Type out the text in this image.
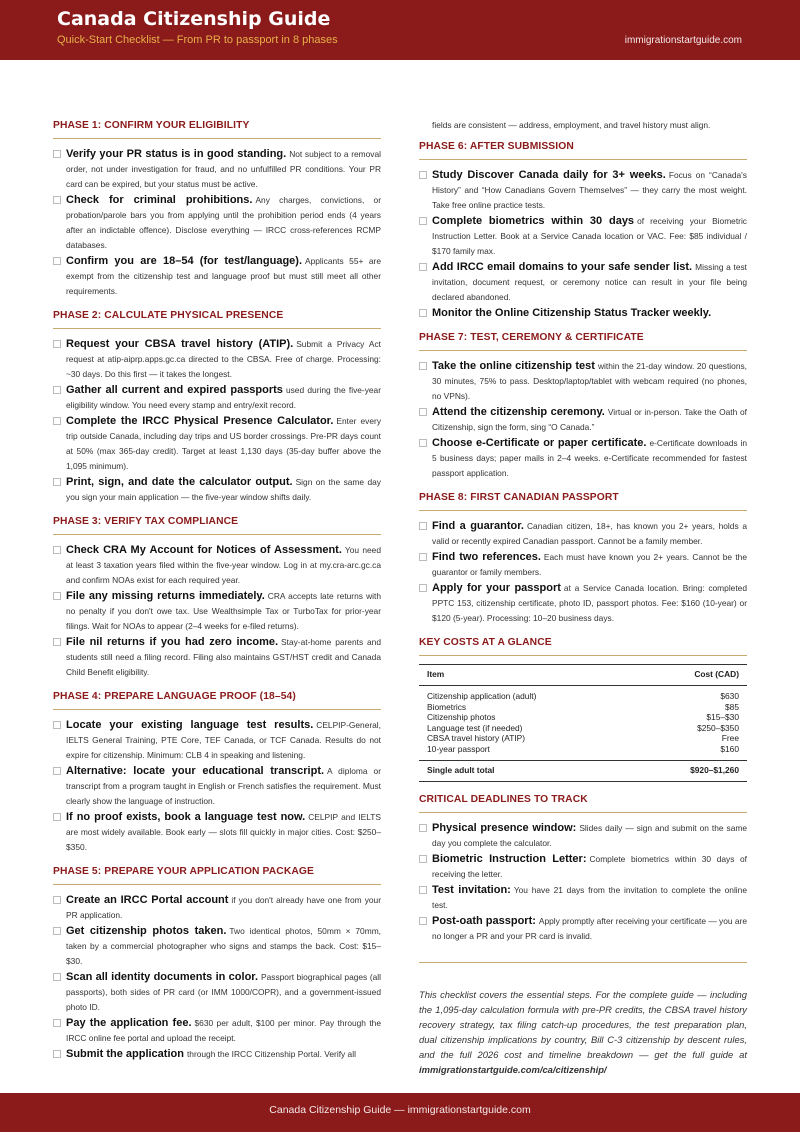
Canada Citizenship Guide
Quick-Start Checklist — From PR to passport in 8 phases	immigrationstartguide.com
PHASE 1: CONFIRM YOUR ELIGIBILITY
Verify your PR status is in good standing. Not subject to a removal order, not under investigation for fraud, and no unfulfilled PR conditions. Your PR card can be expired, but your status must be active.
Check for criminal prohibitions. Any charges, convictions, or probation/parole bars you from applying until the prohibition period ends (4 years after an indictable offence). Disclose everything — IRCC cross-references RCMP databases.
Confirm you are 18–54 (for test/language). Applicants 55+ are exempt from the citizenship test and language proof but must still meet all other requirements.
PHASE 2: CALCULATE PHYSICAL PRESENCE
Request your CBSA travel history (ATIP). Submit a Privacy Act request at atip-aiprp.apps.gc.ca directed to the CBSA. Free of charge. Processing: ~30 days. Do this first — it takes the longest.
Gather all current and expired passports used during the five-year eligibility window. You need every stamp and entry/exit record.
Complete the IRCC Physical Presence Calculator. Enter every trip outside Canada, including day trips and US border crossings. Pre-PR days count at 50% (max 365-day credit). Target at least 1,130 days (35-day buffer above the 1,095 minimum).
Print, sign, and date the calculator output. Sign on the same day you sign your main application — the five-year window shifts daily.
PHASE 3: VERIFY TAX COMPLIANCE
Check CRA My Account for Notices of Assessment. You need at least 3 taxation years filed within the five-year window. Log in at my.cra-arc.gc.ca and confirm NOAs exist for each required year.
File any missing returns immediately. CRA accepts late returns with no penalty if you don't owe tax. Use Wealthsimple Tax or TurboTax for prior-year filings. Wait for NOAs to appear (2–4 weeks for e-filed returns).
File nil returns if you had zero income. Stay-at-home parents and students still need a filing record. Filing also maintains GST/HST credit and Canada Child Benefit eligibility.
PHASE 4: PREPARE LANGUAGE PROOF (18–54)
Locate your existing language test results. CELPIP-General, IELTS General Training, PTE Core, TEF Canada, or TCF Canada. Results do not expire for citizenship. Minimum: CLB 4 in speaking and listening.
Alternative: locate your educational transcript. A diploma or transcript from a program taught in English or French satisfies the requirement. Must clearly show the language of instruction.
If no proof exists, book a language test now. CELPIP and IELTS are most widely available. Book early — slots fill quickly in major cities. Cost: $250–$350.
PHASE 5: PREPARE YOUR APPLICATION PACKAGE
Create an IRCC Portal account if you don't already have one from your PR application.
Get citizenship photos taken. Two identical photos, 50mm × 70mm, taken by a commercial photographer who signs and stamps the back. Cost: $15–$30.
Scan all identity documents in color. Passport biographical pages (all passports), both sides of PR card (or IMM 1000/COPR), and a government-issued photo ID.
Pay the application fee. $630 per adult, $100 per minor. Pay through the IRCC online fee portal and upload the receipt.
Submit the application through the IRCC Citizenship Portal. Verify all
fields are consistent — address, employment, and travel history must align.
PHASE 6: AFTER SUBMISSION
Study Discover Canada daily for 3+ weeks. Focus on “Canada's History” and “How Canadians Govern Themselves” — they carry the most weight. Take free online practice tests.
Complete biometrics within 30 days of receiving your Biometric Instruction Letter. Book at a Service Canada location or VAC. Fee: $85 individual / $170 family max.
Add IRCC email domains to your safe sender list. Missing a test invitation, document request, or ceremony notice can result in your file being declared abandoned.
Monitor the Online Citizenship Status Tracker weekly.
PHASE 7: TEST, CEREMONY & CERTIFICATE
Take the online citizenship test within the 21-day window. 20 questions, 30 minutes, 75% to pass. Desktop/laptop/tablet with webcam required (no phones, no VPNs).
Attend the citizenship ceremony. Virtual or in-person. Take the Oath of Citizenship, sign the form, sing “O Canada.”
Choose e-Certificate or paper certificate. e-Certificate downloads in 5 business days; paper mails in 2–4 weeks. e-Certificate recommended for fastest passport application.
PHASE 8: FIRST CANADIAN PASSPORT
Find a guarantor. Canadian citizen, 18+, has known you 2+ years, holds a valid or recently expired Canadian passport. Cannot be a family member.
Find two references. Each must have known you 2+ years. Cannot be the guarantor or family members.
Apply for your passport at a Service Canada location. Bring: completed PPTC 153, citizenship certificate, photo ID, passport photos. Fee: $160 (10-year) or $120 (5-year). Processing: 10–20 business days.
KEY COSTS AT A GLANCE
Item	Cost (CAD)
Citizenship application (adult)	$630
Biometrics	$85
Citizenship photos	$15–$30
Language test (if needed)	$250–$350
CBSA travel history (ATIP)	Free
10-year passport	$160
Single adult total	$920–$1,260
CRITICAL DEADLINES TO TRACK
Physical presence window: Slides daily — sign and submit on the same day you complete the calculator.
Biometric Instruction Letter: Complete biometrics within 30 days of receiving the letter.
Test invitation: You have 21 days from the invitation to complete the online test.
Post-oath passport: Apply promptly after receiving your certificate — you are no longer a PR and your PR card is invalid.
This checklist covers the essential steps. For the complete guide — including the 1,095-day calculation formula with pre-PR credits, the CBSA travel history recovery strategy, tax filing catch-up procedures, the test preparation plan, dual citizenship implications by country, Bill C-3 citizenship by descent rules, and the full 2026 cost and timeline breakdown — get the full guide at immigrationstartguide.com/ca/citizenship/
Canada Citizenship Guide — immigrationstartguide.com
